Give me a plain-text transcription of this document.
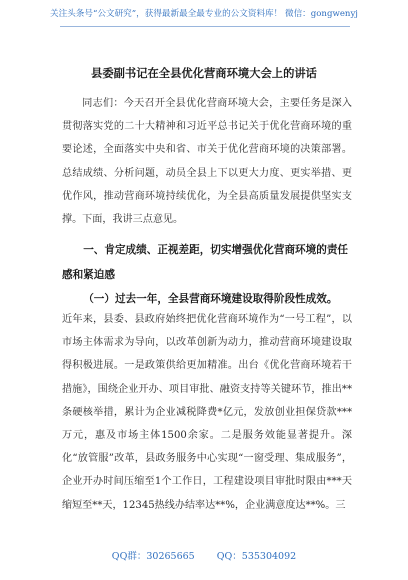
关注头条号“公文研究”，获得最新最全最专业的公文资料库！ 微信：gongwenyj
县委副书记在全县优化营商环境大会上的讲话
同志们：今天召开全县优化营商环境大会，主要任务是深入贯彻落实党的二十大精神和习近平总书记关于优化营商环境的重要论述，全面落实中央和省、市关于优化营商环境的决策部署。总结成绩、分析问题，动员全县上下以更大力度、更实举措、更优作风，推动营商环境持续优化，为全县高质量发展提供坚实支撑。下面，我讲三点意见。
一、肯定成绩、正视差距，切实增强优化营商环境的责任感和紧迫感
（一）过去一年，全县营商环境建设取得阶段性成效。
近年来，县委、县政府始终把优化营商环境作为“一号工程”，以市场主体需求为导向，以改革创新为动力，推动营商环境建设取得积极进展。一是政策供给更加精准。出台《优化营商环境若干措施》，围绕企业开办、项目审批、融资支持等关键环节，推出**条硬核举措，累计为企业减税降费*亿元，发放创业担保贷款***万元，惠及市场主体1500余家。二是服务效能显著提升。深化“放管服”改革，县政务服务中心实现“一窗受理、集成服务”，企业开办时间压缩至1个工作日，工程建设项目审批时限由***天缩短至**天，12345热线办结率达**%，企业满意度达**%。三
QQ群：30265665 QQ：535304092
